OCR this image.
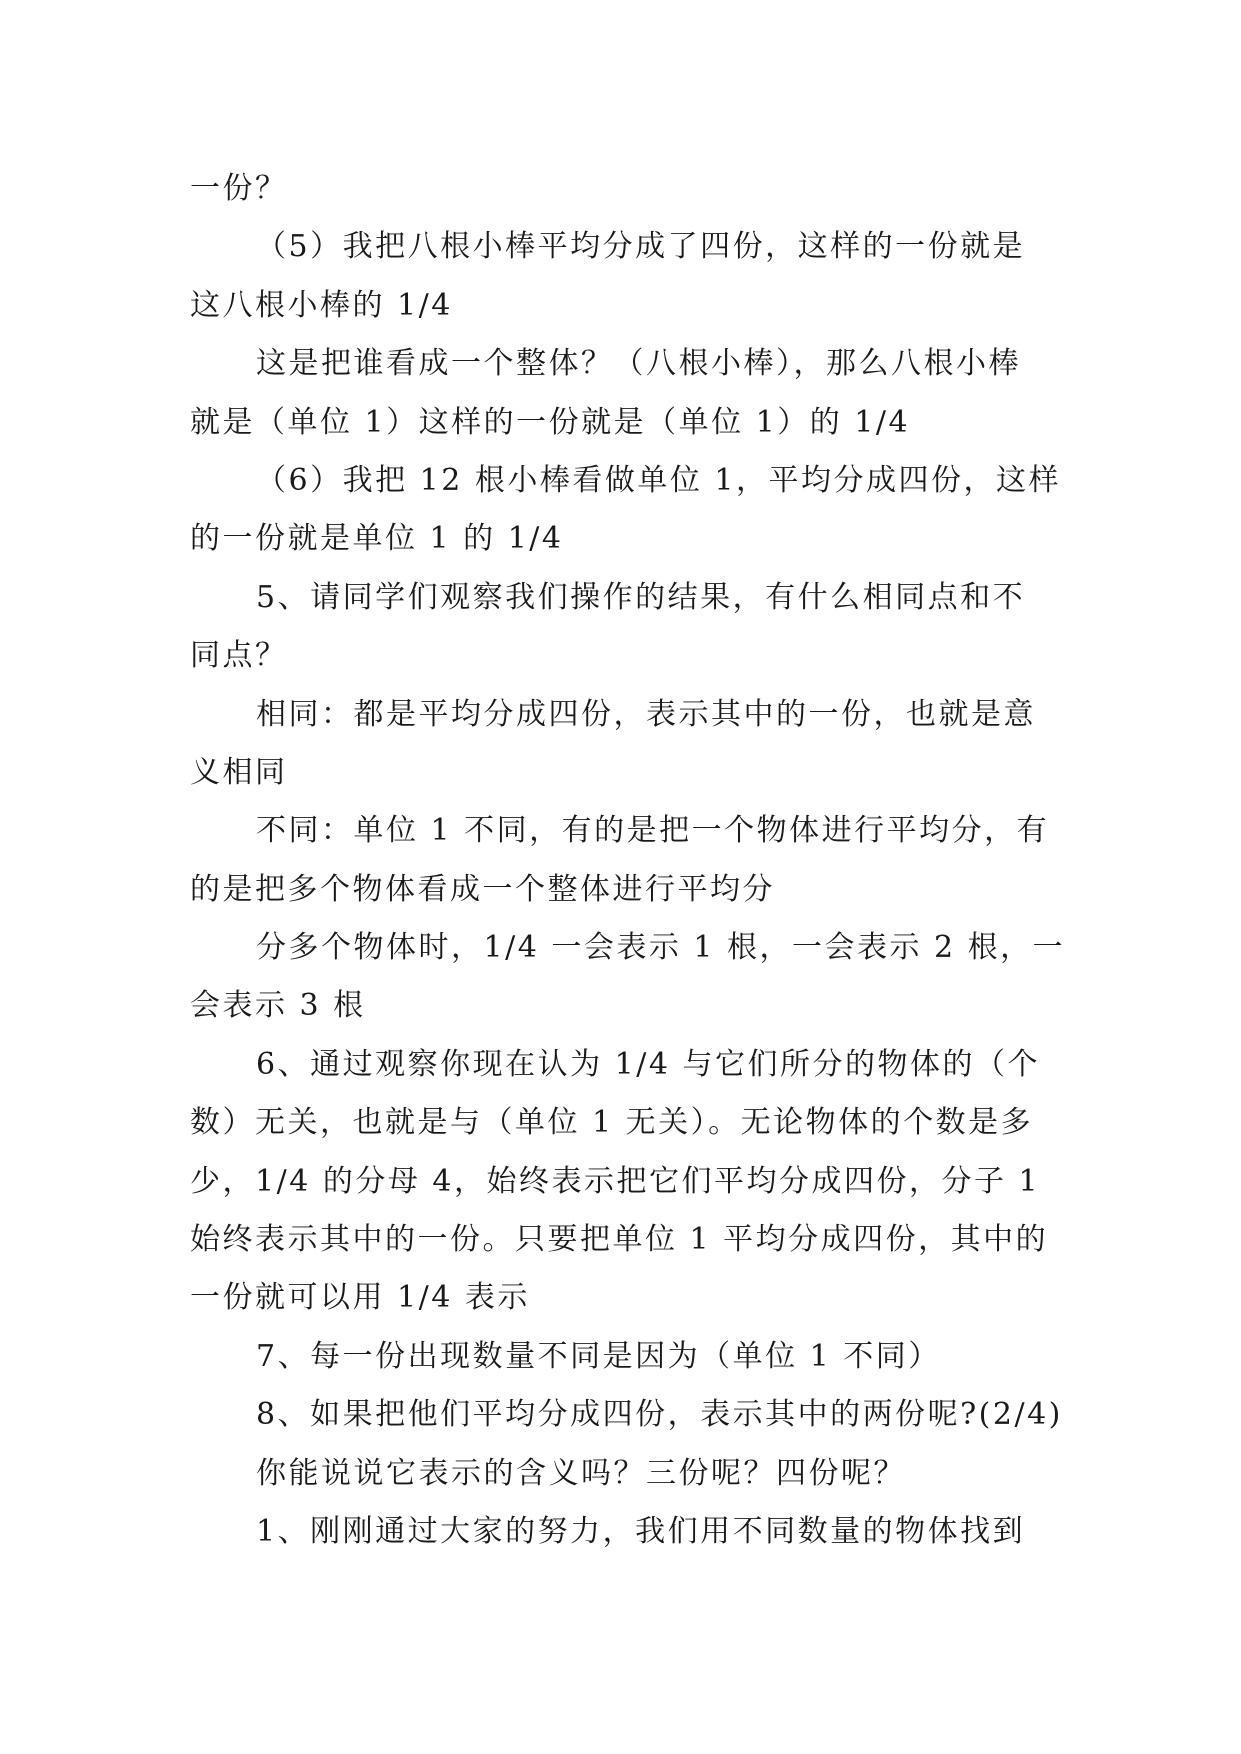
一份？
（5）我把八根小棒平均分成了四份，这样的一份就是
这八根小棒的 1/4
这是把谁看成一个整体？（八根小棒），那么八根小棒
就是（单位 1）这样的一份就是（单位 1）的 1/4
（6）我把 12 根小棒看做单位 1，平均分成四份，这样
的一份就是单位 1 的 1/4
5、请同学们观察我们操作的结果，有什么相同点和不
同点？
相同：都是平均分成四份，表示其中的一份，也就是意
义相同
不同：单位 1 不同，有的是把一个物体进行平均分，有
的是把多个物体看成一个整体进行平均分
分多个物体时，1/4 一会表示 1 根，一会表示 2 根，一
会表示 3 根
6、通过观察你现在认为 1/4 与它们所分的物体的（个
数）无关，也就是与（单位 1 无关）。无论物体的个数是多
少，1/4 的分母 4，始终表示把它们平均分成四份，分子 1
始终表示其中的一份。只要把单位 1 平均分成四份，其中的
一份就可以用 1/4 表示
7、每一份出现数量不同是因为（单位 1 不同）
8、如果把他们平均分成四份，表示其中的两份呢?(2/4)
你能说说它表示的含义吗？三份呢？四份呢？
1、刚刚通过大家的努力，我们用不同数量的物体找到
